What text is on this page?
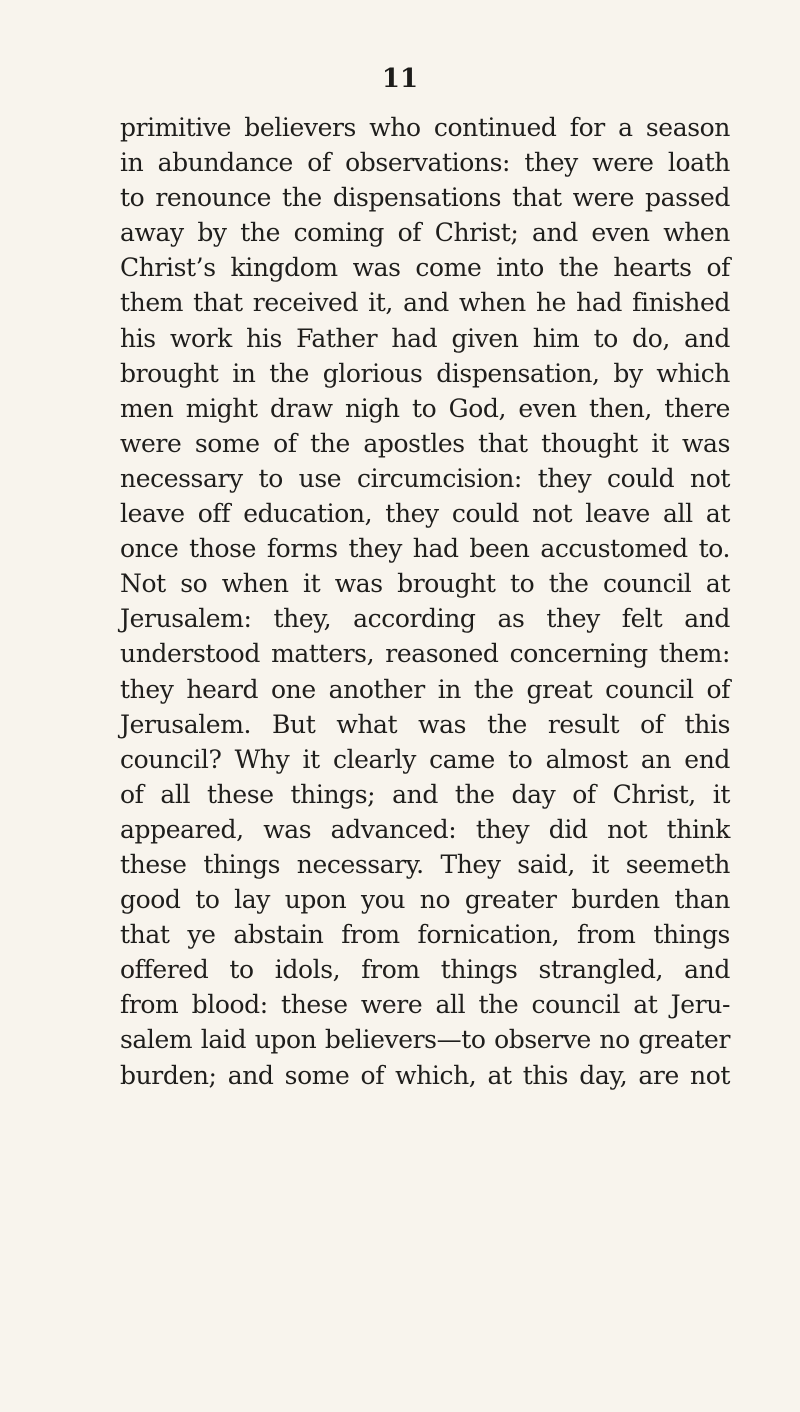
11
primitive believers who continued for a season
in abundance of observations: they were loath
to renounce the dispensations that were passed
away by the coming of Christ; and even when
Christ’s kingdom was come into the hearts of
them that received it, and when he had finished
his work his Father had given him to do, and
brought in the glorious dispensation, by which
men might draw nigh to God, even then, there
were some of the apostles that thought it was
necessary to use circumcision: they could not
leave off education, they could not leave all at
once those forms they had been accustomed to.
Not so when it was brought to the council at
Jerusalem: they, according as they felt and
understood matters, reasoned concerning them:
they heard one another in the great council of
Jerusalem. But what was the result of this
council? Why it clearly came to almost an end
of all these things; and the day of Christ, it
appeared, was advanced: they did not think
these things necessary. They said, it seemeth
good to lay upon you no greater burden than
that ye abstain from fornication, from things
offered to idols, from things strangled, and
from blood: these were all the council at Jeru-
salem laid upon believers—to observe no greater
burden; and some of which, at this day, are not
